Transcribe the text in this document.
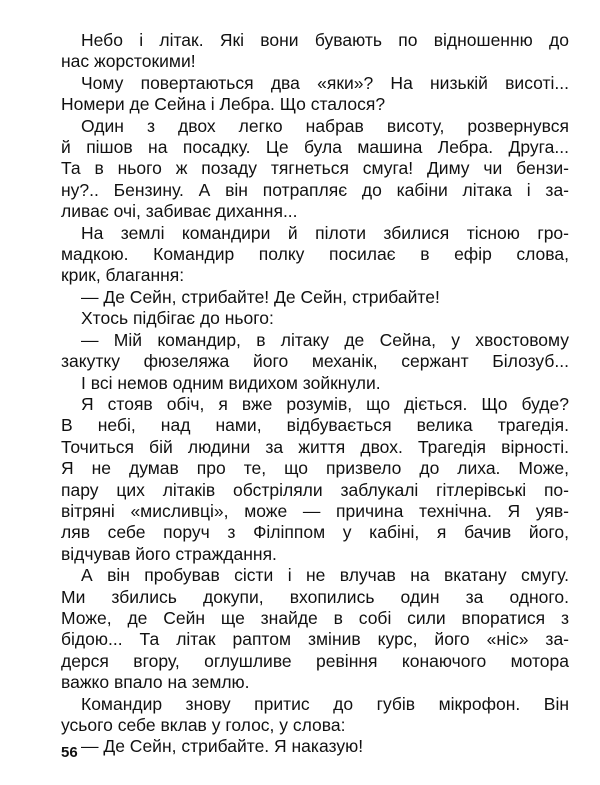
Небо і літак. Які вони бувають по відношенню до
нас жорстокими!
Чому повертаються два «яки»? На низькій висоті...
Номери де Сейна і Лебра. Що сталося?
Один з двох легко набрав висоту, розвернувся
й пішов на посадку. Це була машина Лебра. Друга...
Та в нього ж позаду тягнеться смуга! Диму чи бензи-
ну?.. Бензину. А він потрапляє до кабіни літака і за-
ливає очі, забиває дихання...
На землі командири й пілоти збилися тісною гро-
мадкою. Командир полку посилає в ефір слова,
крик, благання:
— Де Сейн, стрибайте! Де Сейн, стрибайте!
Хтось підбігає до нього:
— Мій командир, в літаку де Сейна, у хвостовому
закутку фюзеляжа його механік, сержант Білозуб...
І всі немов одним видихом зойкнули.
Я стояв обіч, я вже розумів, що діється. Що буде?
В небі, над нами, відбувається велика трагедія.
Точиться бій людини за життя двох. Трагедія вірності.
Я не думав про те, що призвело до лиха. Може,
пару цих літаків обстріляли заблукалі гітлерівські по-
вітряні «мисливці», може — причина технічна. Я уяв-
ляв себе поруч з Філіппом у кабіні, я бачив його,
відчував його страждання.
А він пробував сісти і не влучав на вкатану смугу.
Ми збились докупи, вхопились один за одного.
Може, де Сейн ще знайде в собі сили впоратися з
бідою... Та літак раптом змінив курс, його «ніс» за-
дерся вгору, оглушливе ревіння конаючого мотора
важко впало на землю.
Командир знову притис до губів мікрофон. Він
усього себе вклав у голос, у слова:
— Де Сейн, стрибайте. Я наказую!
56
